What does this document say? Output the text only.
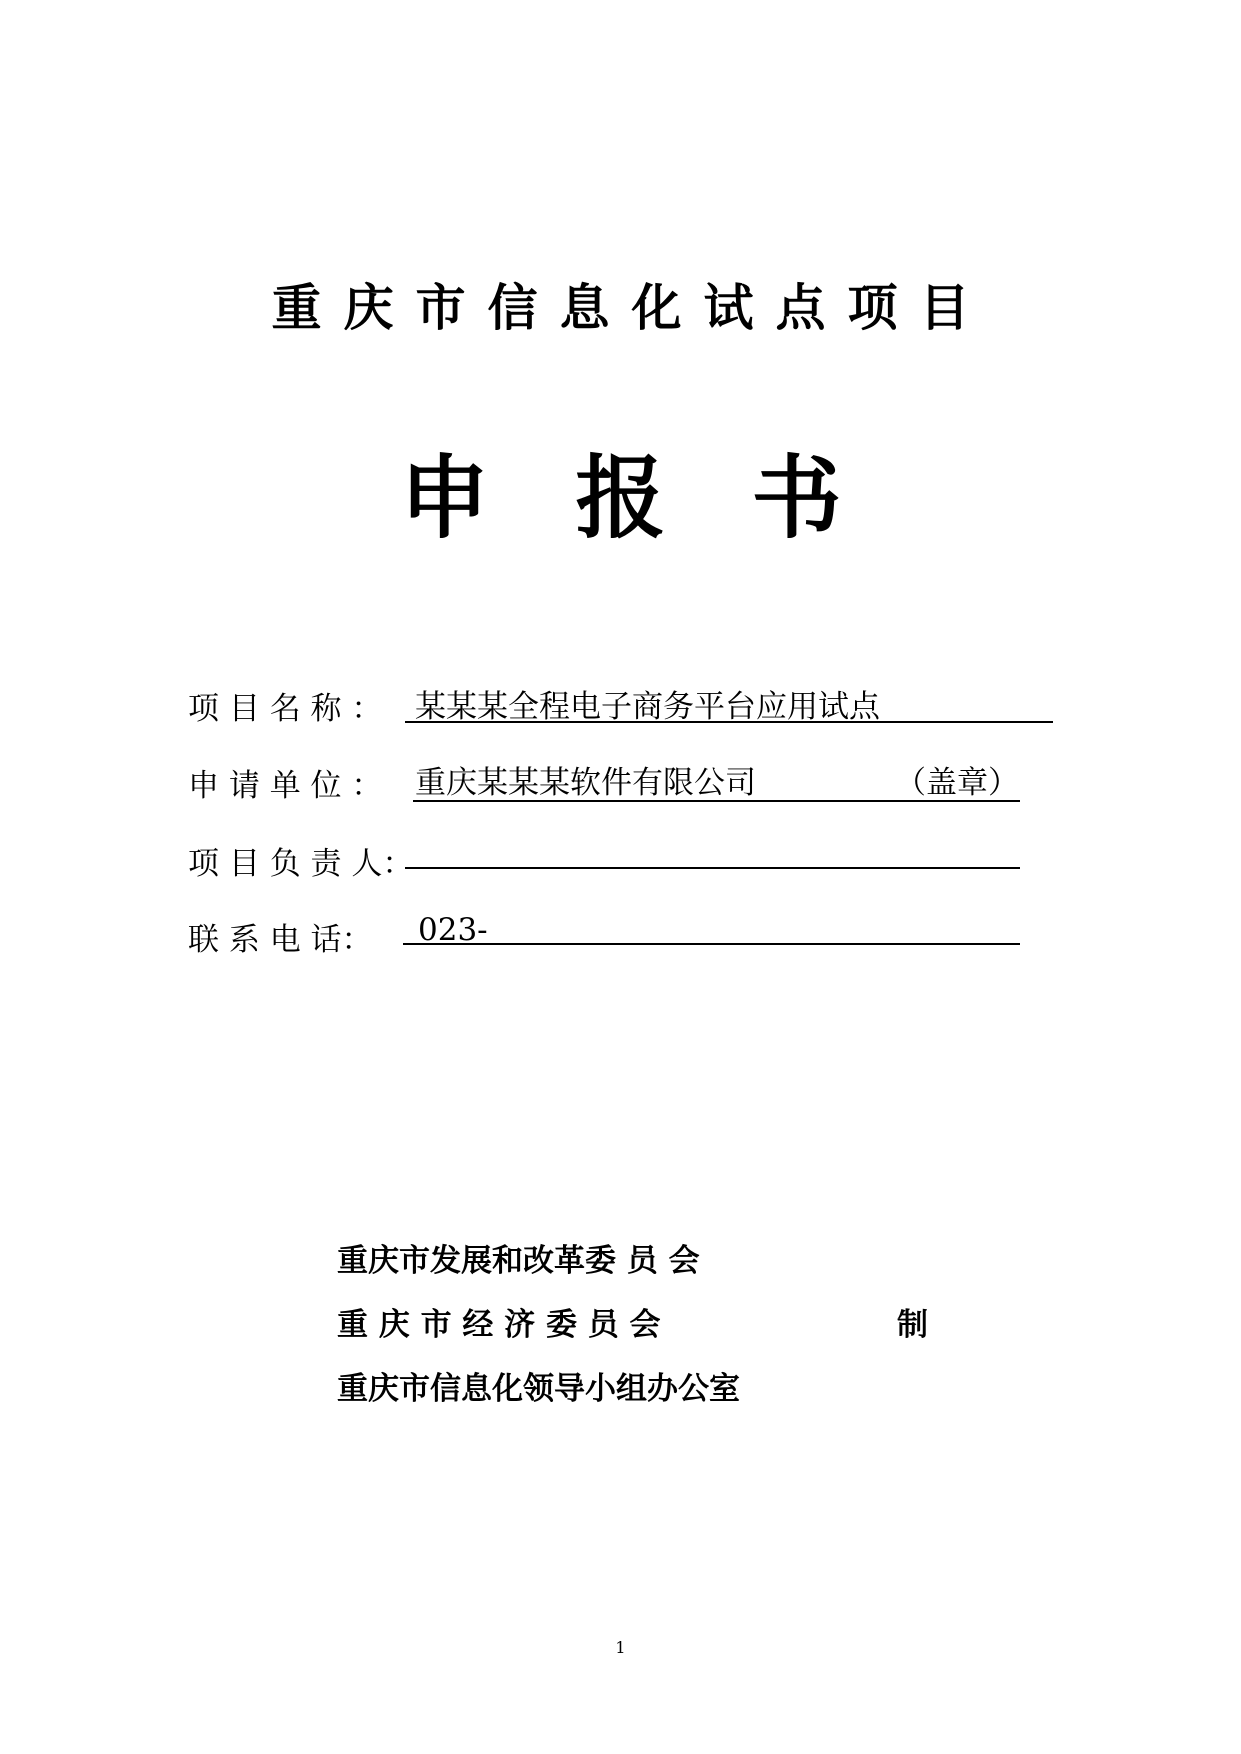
重庆市信息化试点项目
申报书
项 目 名 称 ： 某某某全程电子商务平台应用试点
申 请 单 位 ： 重庆某某某软件有限公司	（盖章）
项 目 负 责 人：
联 系 电 话： 023-
重庆市发展和改革委 员 会
重 庆 市 经 济 委 员 会	制
重庆市信息化领导小组办公室
1
